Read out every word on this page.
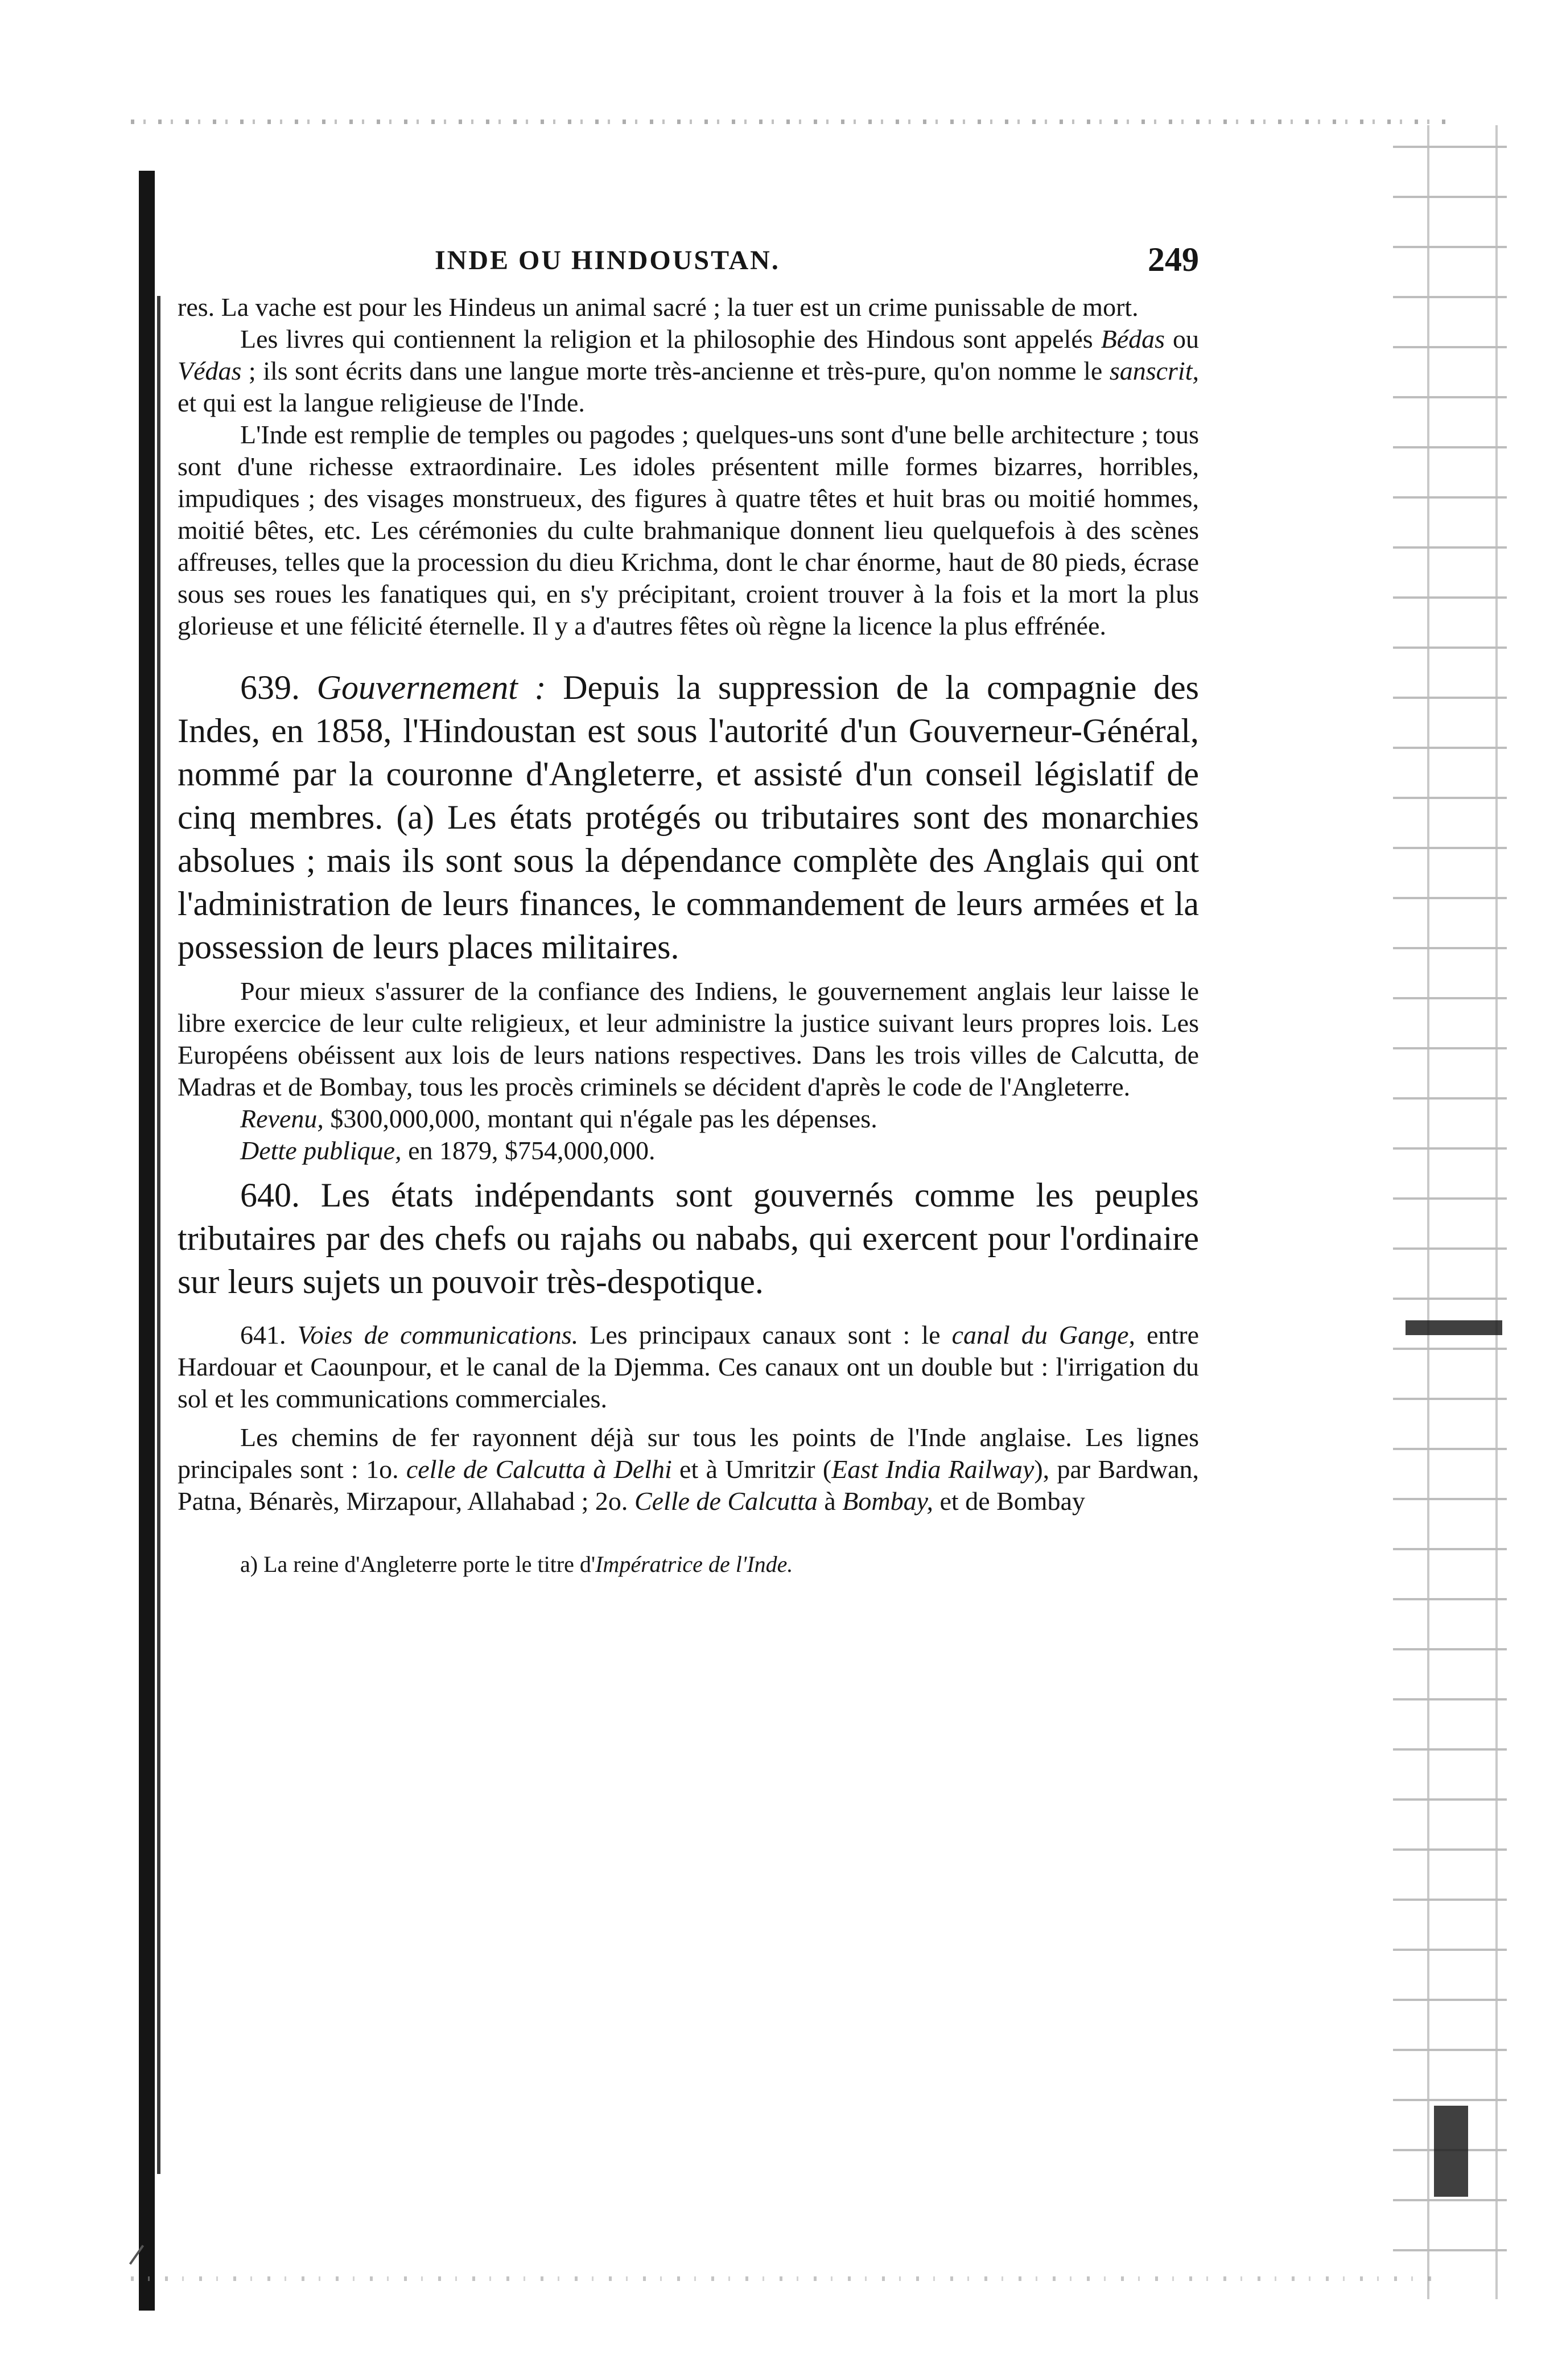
INDE OU HINDOUSTAN.	249

res. La vache est pour les Hindeus un animal sacré ; la tuer est un crime punissable de mort.

Les livres qui contiennent la religion et la philosophie des Hindous sont appelés Bédas ou Védas ; ils sont écrits dans une langue morte très-ancienne et très-pure, qu'on nomme le sanscrit, et qui est la langue religieuse de l'Inde.

L'Inde est remplie de temples ou pagodes ; quelques-uns sont d'une belle architecture ; tous sont d'une richesse extraordinaire. Les idoles présentent mille formes bizarres, horribles, impudiques ; des visages monstrueux, des figures à quatre têtes et huit bras ou moitié hommes, moitié bêtes, etc. Les cérémonies du culte brahmanique donnent lieu quelquefois à des scènes affreuses, telles que la procession du dieu Krichma, dont le char énorme, haut de 80 pieds, écrase sous ses roues les fanatiques qui, en s'y précipitant, croient trouver à la fois et la mort la plus glorieuse et une félicité éternelle. Il y a d'autres fêtes où règne la licence la plus effrénée.

639. Gouvernement : Depuis la suppression de la compagnie des Indes, en 1858, l'Hindoustan est sous l'autorité d'un Gouverneur-Général, nommé par la couronne d'Angleterre, et assisté d'un conseil législatif de cinq membres. (a) Les états protégés ou tributaires sont des monarchies absolues ; mais ils sont sous la dépendance complète des Anglais qui ont l'administration de leurs finances, le commandement de leurs armées et la possession de leurs places militaires.

Pour mieux s'assurer de la confiance des Indiens, le gouvernement anglais leur laisse le libre exercice de leur culte religieux, et leur administre la justice suivant leurs propres lois. Les Européens obéissent aux lois de leurs nations respectives. Dans les trois villes de Calcutta, de Madras et de Bombay, tous les procès criminels se décident d'après le code de l'Angleterre.

Revenu, $300,000,000, montant qui n'égale pas les dépenses.

Dette publique, en 1879, $754,000,000.

640. Les états indépendants sont gouvernés comme les peuples tributaires par des chefs ou rajahs ou nababs, qui exercent pour l'ordinaire sur leurs sujets un pouvoir très-despotique.

641. Voies de communications. Les principaux canaux sont : le canal du Gange, entre Hardouar et Caounpour, et le canal de la Djemma. Ces canaux ont un double but : l'irrigation du sol et les communications commerciales.

Les chemins de fer rayonnent déjà sur tous les points de l'Inde anglaise. Les lignes principales sont : 1o. celle de Calcutta à Delhi et à Umritzir (East India Railway), par Bardwan, Patna, Bénarès, Mirzapour, Allahabad ; 2o. Celle de Calcutta à Bombay, et de Bombay

a) La reine d'Angleterre porte le titre d'Impératrice de l'Inde.
